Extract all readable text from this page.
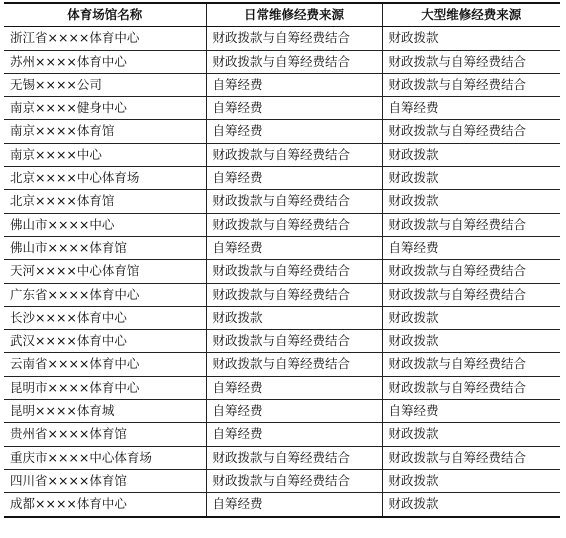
体育场馆名称	日常维修经费来源	大型维修经费来源
浙江省××××体育中心	财政拨款与自筹经费结合	财政拨款
苏州××××体育中心	财政拨款与自筹经费结合	财政拨款与自筹经费结合
无锡××××公司	自筹经费	财政拨款与自筹经费结合
南京××××健身中心	自筹经费	自筹经费
南京××××体育馆	自筹经费	财政拨款与自筹经费结合
南京××××中心	财政拨款与自筹经费结合	财政拨款
北京××××中心体育场	自筹经费	财政拨款
北京××××体育馆	财政拨款与自筹经费结合	财政拨款
佛山市××××中心	财政拨款与自筹经费结合	财政拨款与自筹经费结合
佛山市××××体育馆	自筹经费	自筹经费
天河××××中心体育馆	财政拨款与自筹经费结合	财政拨款与自筹经费结合
广东省××××体育中心	财政拨款与自筹经费结合	财政拨款与自筹经费结合
长沙××××体育中心	财政拨款	财政拨款
武汉××××体育中心	财政拨款与自筹经费结合	财政拨款
云南省××××体育中心	财政拨款与自筹经费结合	财政拨款与自筹经费结合
昆明市××××体育中心	自筹经费	财政拨款与自筹经费结合
昆明××××体育城	自筹经费	自筹经费
贵州省××××体育馆	自筹经费	财政拨款
重庆市××××中心体育场	财政拨款与自筹经费结合	财政拨款与自筹经费结合
四川省××××体育馆	财政拨款与自筹经费结合	财政拨款
成都××××体育中心	自筹经费	财政拨款
